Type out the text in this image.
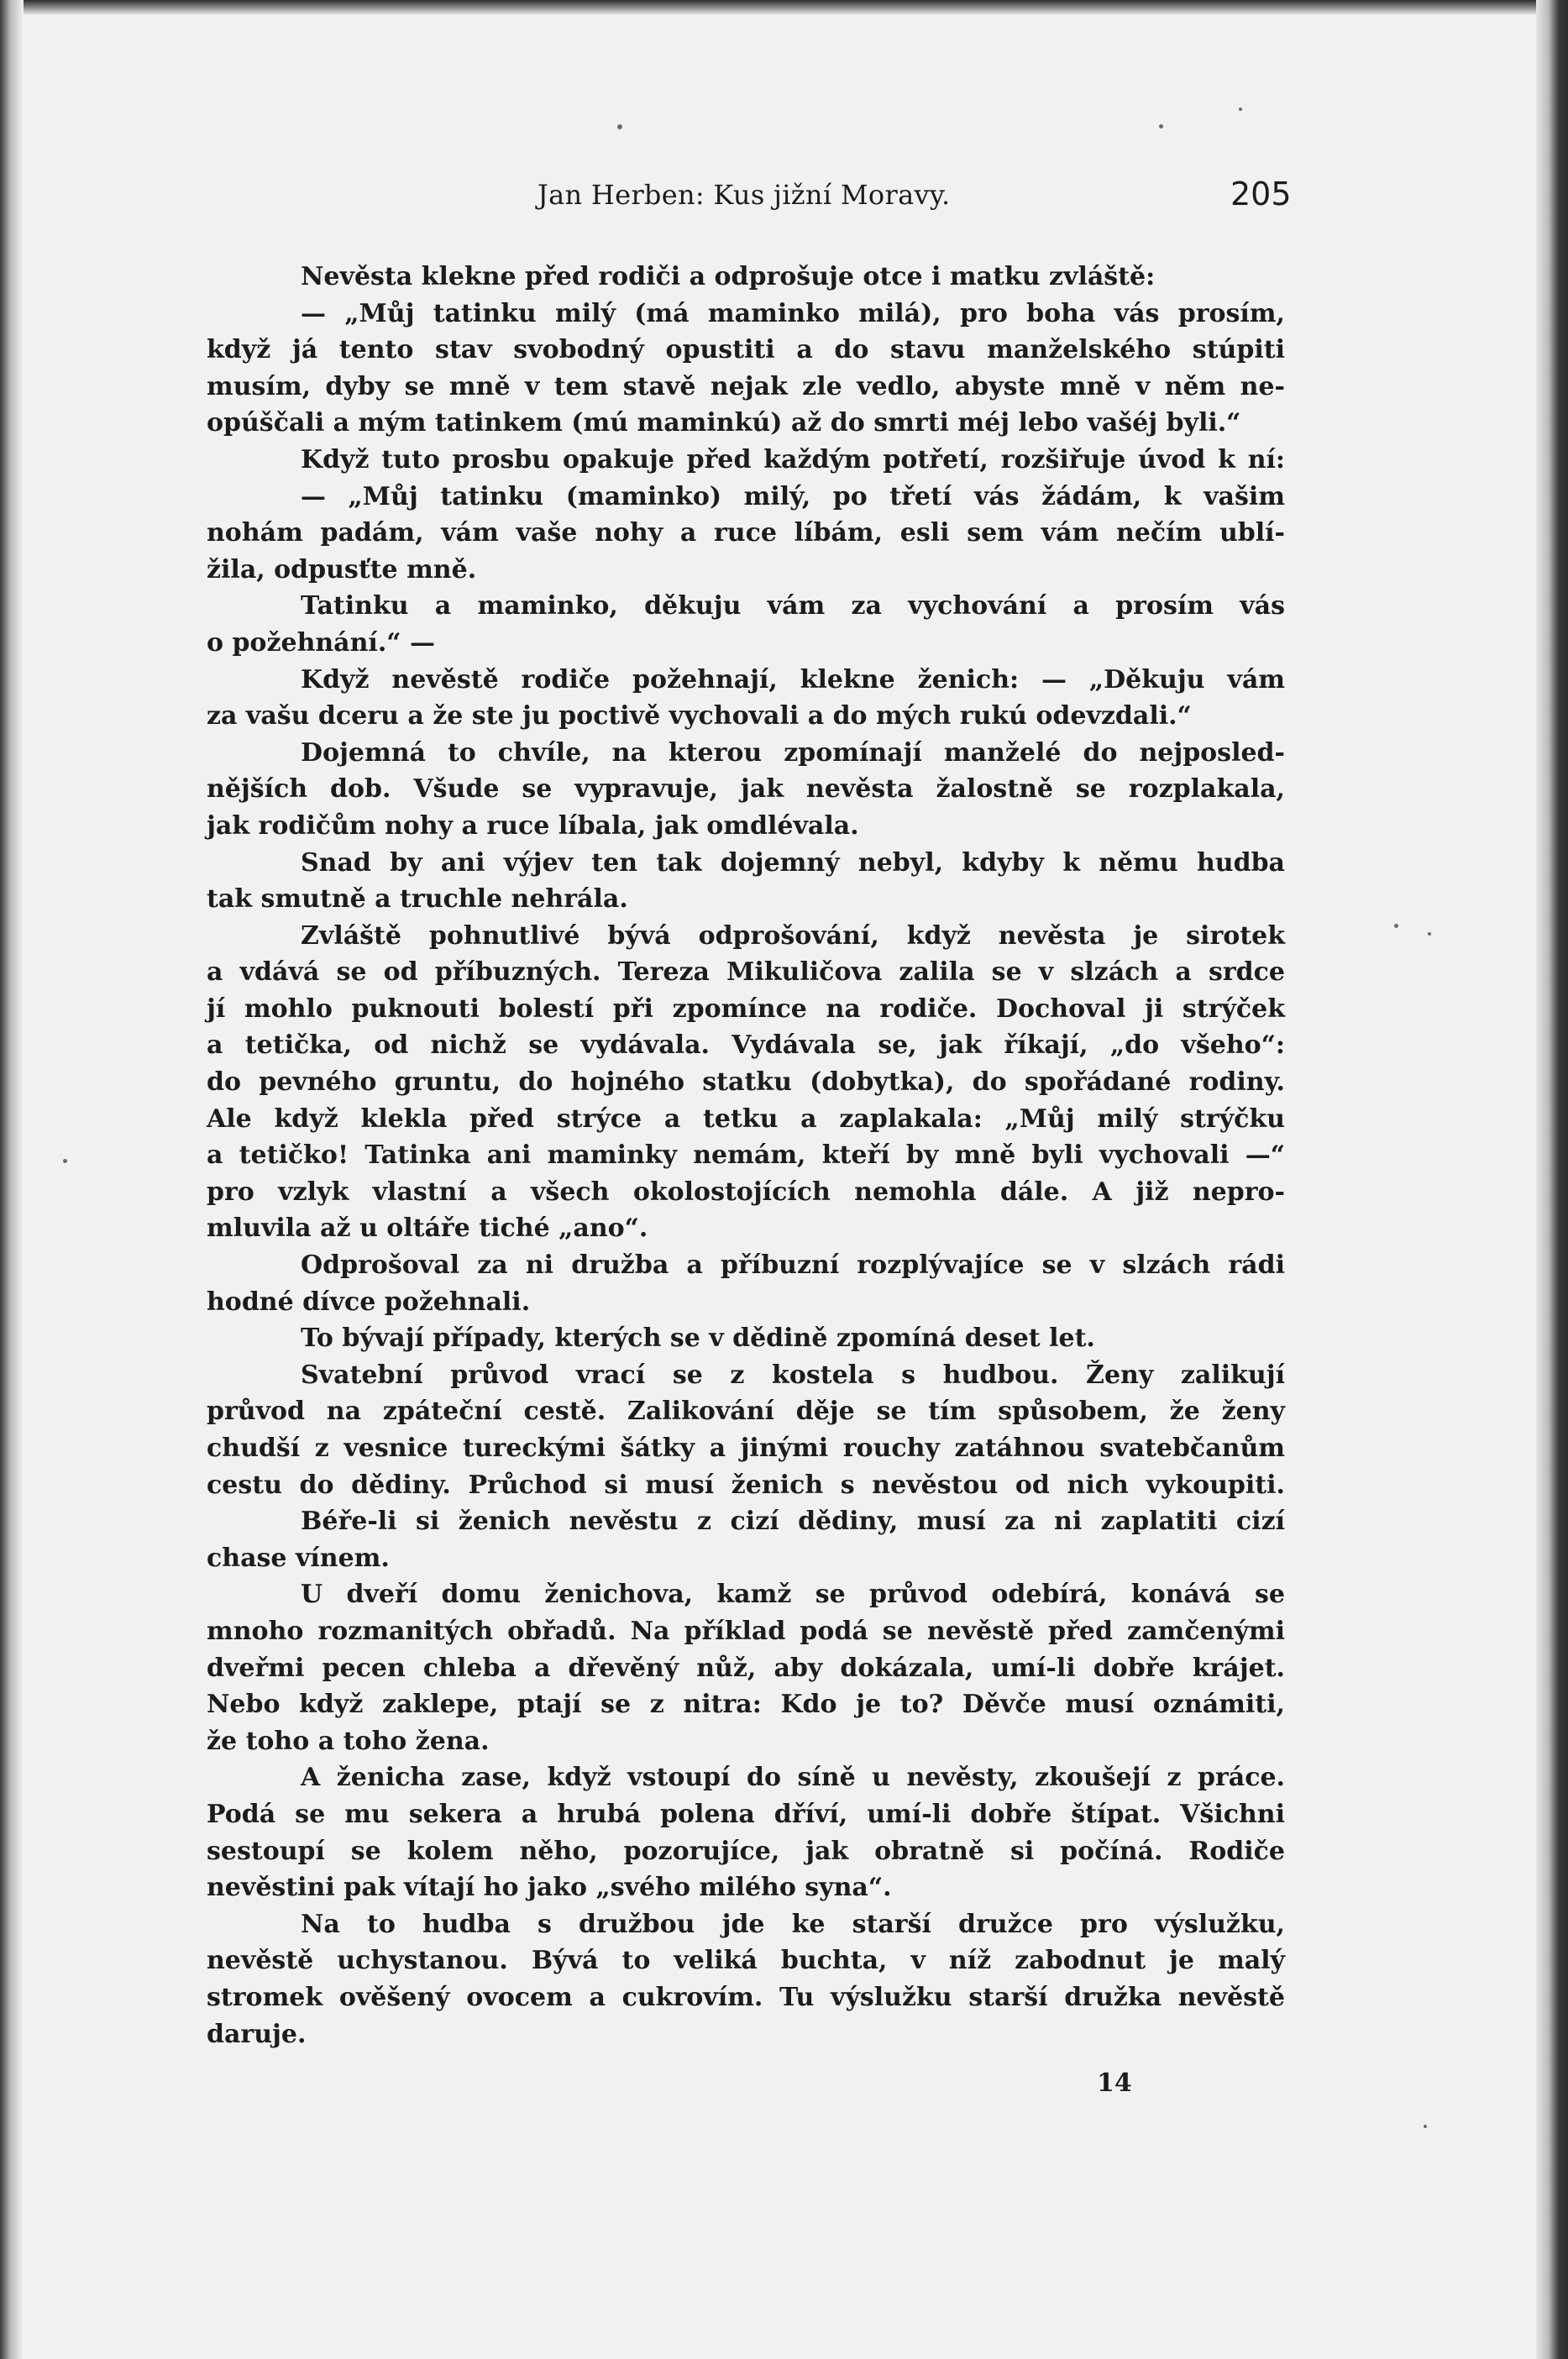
Jan Herben: Kus jižní Moravy.	205
Nevěsta klekne před rodiči a odprošuje otce i matku zvláště:
— „Můj tatinku milý (má maminko milá), pro boha vás prosím,
když já tento stav svobodný opustiti a do stavu manželského stúpiti
musím, dyby se mně v tem stavě nejak zle vedlo, abyste mně v něm ne-
opúščali a mým tatinkem (mú maminkú) až do smrti méj lebo vašéj byli.“
Když tuto prosbu opakuje před každým potřetí, rozšiřuje úvod k ní:
— „Můj tatinku (maminko) milý, po třetí vás žádám, k vašim
nohám padám, vám vaše nohy a ruce líbám, esli sem vám nečím ublí-
žila, odpusťte mně.
Tatinku a maminko, děkuju vám za vychování a prosím vás
o požehnání.“ —
Když nevěstě rodiče požehnají, klekne ženich: — „Děkuju vám
za vašu dceru a že ste ju poctivě vychovali a do mých rukú odevzdali.“
Dojemná to chvíle, na kterou zpomínají manželé do nejposled-
nějších dob. Všude se vypravuje, jak nevěsta žalostně se rozplakala,
jak rodičům nohy a ruce líbala, jak omdlévala.
Snad by ani výjev ten tak dojemný nebyl, kdyby k němu hudba
tak smutně a truchle nehrála.
Zvláště pohnutlivé bývá odprošování, když nevěsta je sirotek
a vdává se od příbuzných. Tereza Mikuličova zalila se v slzách a srdce
jí mohlo puknouti bolestí při zpomínce na rodiče. Dochoval ji strýček
a tetička, od nichž se vydávala. Vydávala se, jak říkají, „do všeho“:
do pevného gruntu, do hojného statku (dobytka), do spořádané rodiny.
Ale když klekla před strýce a tetku a zaplakala: „Můj milý strýčku
a tetičko! Tatinka ani maminky nemám, kteří by mně byli vychovali —“
pro vzlyk vlastní a všech okolostojících nemohla dále. A již nepro-
mluvila až u oltáře tiché „ano“.
Odprošoval za ni družba a příbuzní rozplývajíce se v slzách rádi
hodné dívce požehnali.
To bývají případy, kterých se v dědině zpomíná deset let.
Svatební průvod vrací se z kostela s hudbou. Ženy zalikují
průvod na zpáteční cestě. Zalikování děje se tím spůsobem, že ženy
chudší z vesnice tureckými šátky a jinými rouchy zatáhnou svatebčanům
cestu do dědiny. Průchod si musí ženich s nevěstou od nich vykoupiti.
Béře-li si ženich nevěstu z cizí dědiny, musí za ni zaplatiti cizí
chase vínem.
U dveří domu ženichova, kamž se průvod odebírá, konává se
mnoho rozmanitých obřadů. Na příklad podá se nevěstě před zamčenými
dveřmi pecen chleba a dřevěný nůž, aby dokázala, umí-li dobře krájet.
Nebo když zaklepe, ptají se z nitra: Kdo je to? Děvče musí oznámiti,
že toho a toho žena.
A ženicha zase, když vstoupí do síně u nevěsty, zkoušejí z práce.
Podá se mu sekera a hrubá polena dříví, umí-li dobře štípat. Všichni
sestoupí se kolem něho, pozorujíce, jak obratně si počíná. Rodiče
nevěstini pak vítají ho jako „svého milého syna“.
Na to hudba s družbou jde ke starší družce pro výslužku,
nevěstě uchystanou. Bývá to veliká buchta, v níž zabodnut je malý
stromek ověšený ovocem a cukrovím. Tu výslužku starší družka nevěstě
daruje.
14
